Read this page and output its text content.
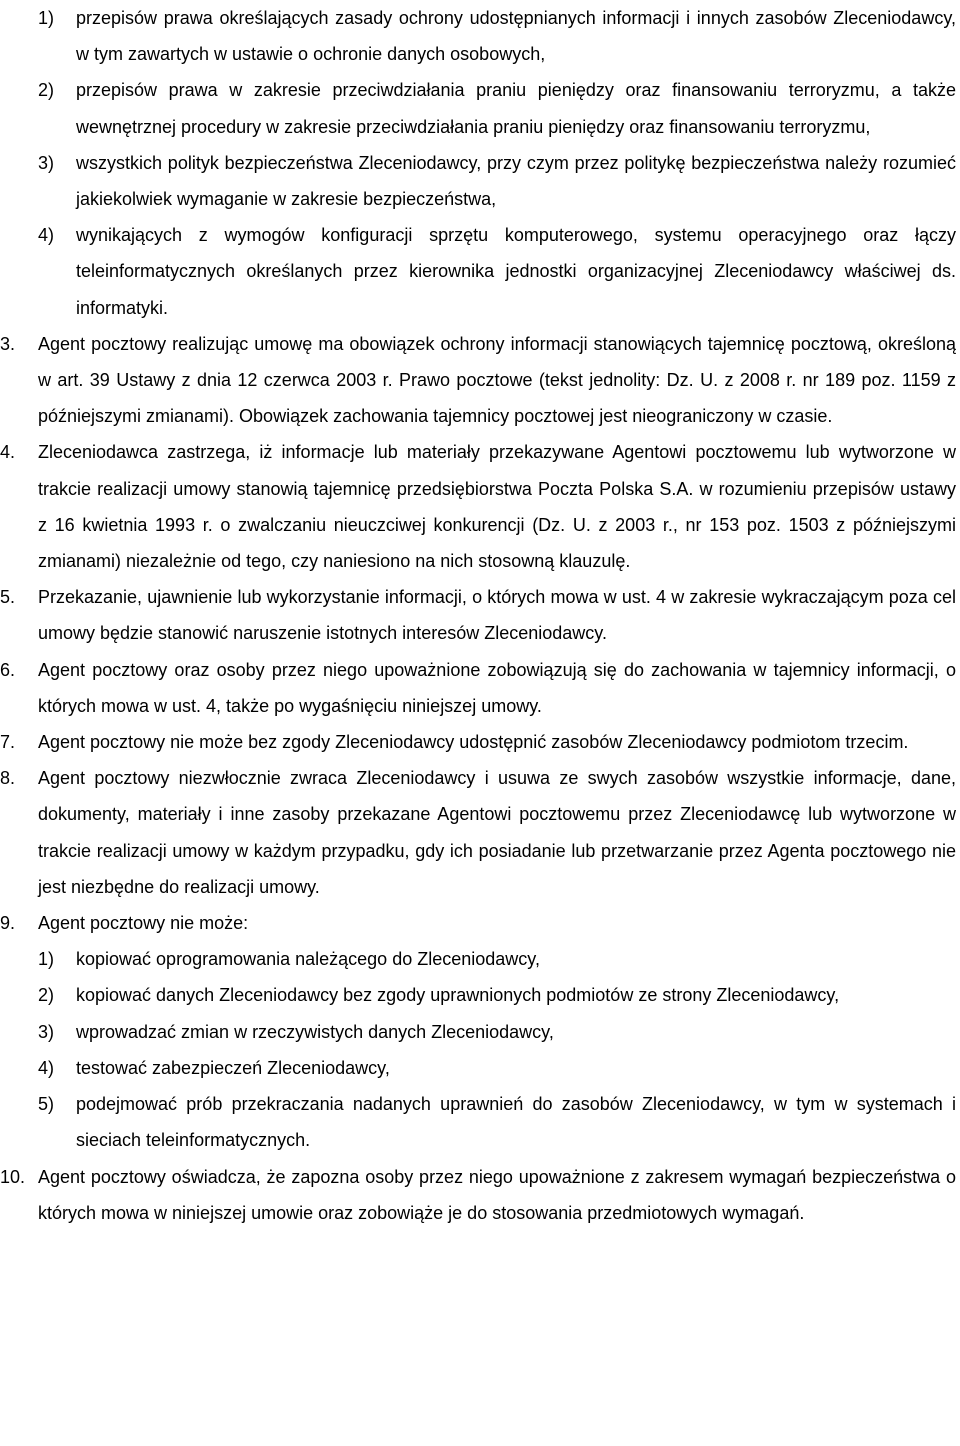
1) przepisów prawa określających zasady ochrony udostępnianych informacji i innych zasobów Zleceniodawcy, w tym zawartych w ustawie o ochronie danych osobowych,
2) przepisów prawa w zakresie przeciwdziałania praniu pieniędzy oraz finansowaniu terroryzmu, a także wewnętrznej procedury w zakresie przeciwdziałania praniu pieniędzy oraz finansowaniu terroryzmu,
3) wszystkich polityk bezpieczeństwa Zleceniodawcy, przy czym przez politykę bezpieczeństwa należy rozumieć jakiekolwiek wymaganie w zakresie bezpieczeństwa,
4) wynikających z wymogów konfiguracji sprzętu komputerowego, systemu operacyjnego oraz łączy teleinformatycznych określanych przez kierownika jednostki organizacyjnej Zleceniodawcy właściwej ds. informatyki.
3. Agent pocztowy realizując umowę ma obowiązek ochrony informacji stanowiących tajemnicę pocztową, określoną w art. 39 Ustawy z dnia 12 czerwca 2003 r. Prawo pocztowe (tekst jednolity: Dz. U. z 2008 r. nr 189 poz. 1159 z późniejszymi zmianami). Obowiązek zachowania tajemnicy pocztowej jest nieograniczony w czasie.
4. Zleceniodawca zastrzega, iż informacje lub materiały przekazywane Agentowi pocztowemu lub wytworzone w trakcie realizacji umowy stanowią tajemnicę przedsiębiorstwa Poczta Polska S.A. w rozumieniu przepisów ustawy z 16 kwietnia 1993 r. o zwalczaniu nieuczciwej konkurencji (Dz. U. z 2003 r., nr 153 poz. 1503 z późniejszymi zmianami) niezależnie od tego, czy naniesiono na nich stosowną klauzulę.
5. Przekazanie, ujawnienie lub wykorzystanie informacji, o których mowa w ust. 4 w zakresie wykraczającym poza cel umowy będzie stanowić naruszenie istotnych interesów Zleceniodawcy.
6. Agent pocztowy oraz osoby przez niego upoważnione zobowiązują się do zachowania w tajemnicy informacji, o których mowa w ust. 4, także po wygaśnięciu niniejszej umowy.
7. Agent pocztowy nie może bez zgody Zleceniodawcy udostępnić zasobów Zleceniodawcy podmiotom trzecim.
8. Agent pocztowy niezwłocznie zwraca Zleceniodawcy i usuwa ze swych zasobów wszystkie informacje, dane, dokumenty, materiały i inne zasoby przekazane Agentowi pocztowemu przez Zleceniodawcę lub wytworzone w trakcie realizacji umowy w każdym przypadku, gdy ich posiadanie lub przetwarzanie przez Agenta pocztowego nie jest niezbędne do realizacji umowy.
9. Agent pocztowy nie może:
1) kopiować oprogramowania należącego do Zleceniodawcy,
2) kopiować danych Zleceniodawcy bez zgody uprawnionych podmiotów ze strony Zleceniodawcy,
3) wprowadzać zmian w rzeczywistych danych Zleceniodawcy,
4) testować zabezpieczeń Zleceniodawcy,
5) podejmować prób przekraczania nadanych uprawnień do zasobów Zleceniodawcy, w tym w systemach i sieciach teleinformatycznych.
10. Agent pocztowy oświadcza, że zapozna osoby przez niego upoważnione z zakresem wymagań bezpieczeństwa o których mowa w niniejszej umowie oraz zobowiąże je do stosowania przedmiotowych wymagań.
